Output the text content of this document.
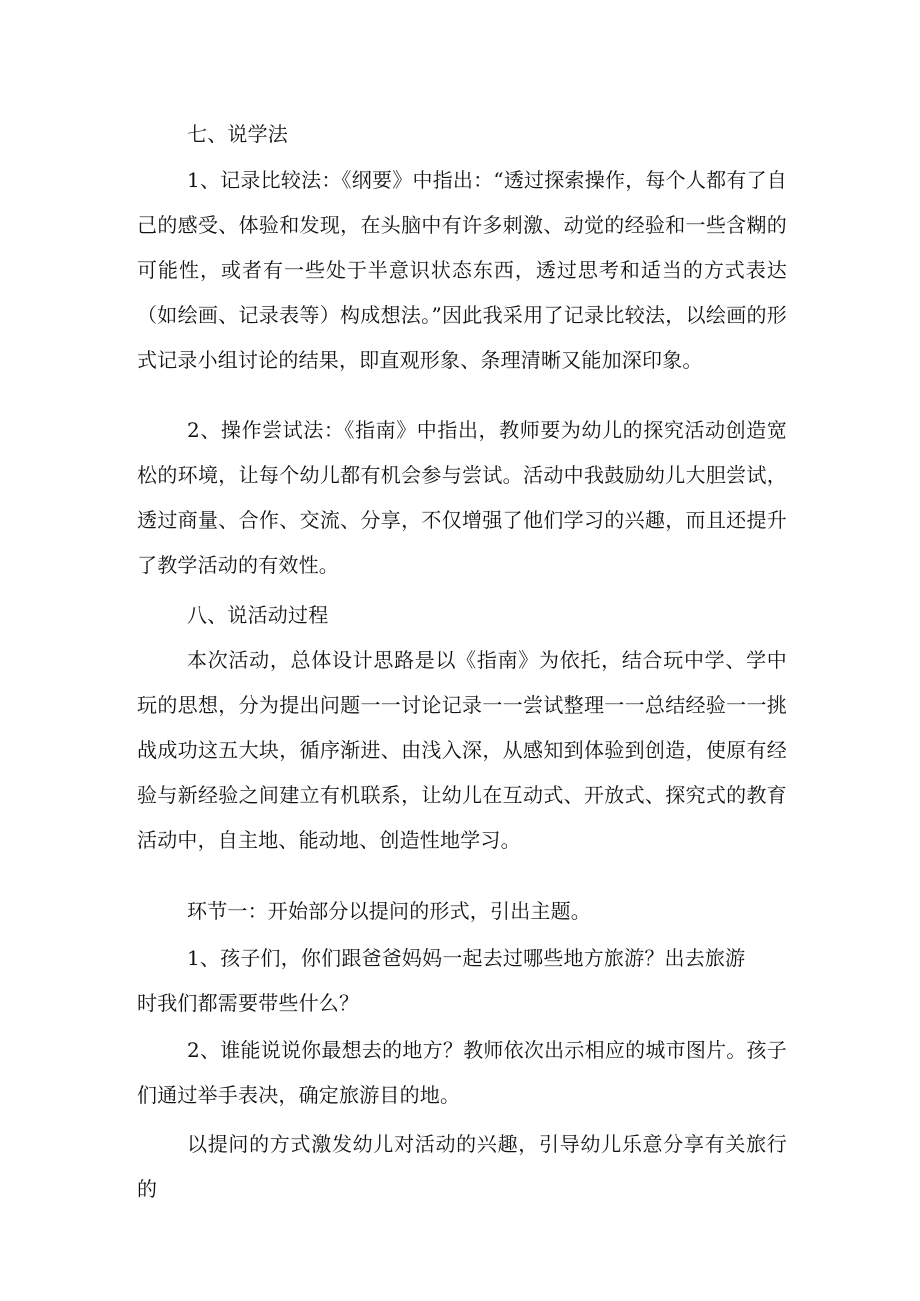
七、说学法

1、记录比较法：《纲要》中指出：“透过探索操作，每个人都有了自己的感受、体验和发现，在头脑中有许多刺激、动觉的经验和一些含糊的可能性，或者有一些处于半意识状态东西，透过思考和适当的方式表达（如绘画、记录表等）构成想法。”因此我采用了记录比较法，以绘画的形式记录小组讨论的结果，即直观形象、条理清晰又能加深印象。

2、操作尝试法：《指南》中指出，教师要为幼儿的探究活动创造宽松的环境，让每个幼儿都有机会参与尝试。活动中我鼓励幼儿大胆尝试，透过商量、合作、交流、分享，不仅增强了他们学习的兴趣，而且还提升了教学活动的有效性。

八、说活动过程

本次活动，总体设计思路是以《指南》为依托，结合玩中学、学中玩的思想，分为提出问题一一讨论记录一一尝试整理一一总结经验一一挑战成功这五大块，循序渐进、由浅入深，从感知到体验到创造，使原有经验与新经验之间建立有机联系，让幼儿在互动式、开放式、探究式的教育活动中，自主地、能动地、创造性地学习。

环节一：开始部分以提问的形式，引出主题。

1、孩子们，你们跟爸爸妈妈一起去过哪些地方旅游？出去旅游
时我们都需要带些什么？

2、谁能说说你最想去的地方？教师依次出示相应的城市图片。孩子们通过举手表决，确定旅游目的地。

以提问的方式激发幼儿对活动的兴趣，引导幼儿乐意分享有关旅行的
